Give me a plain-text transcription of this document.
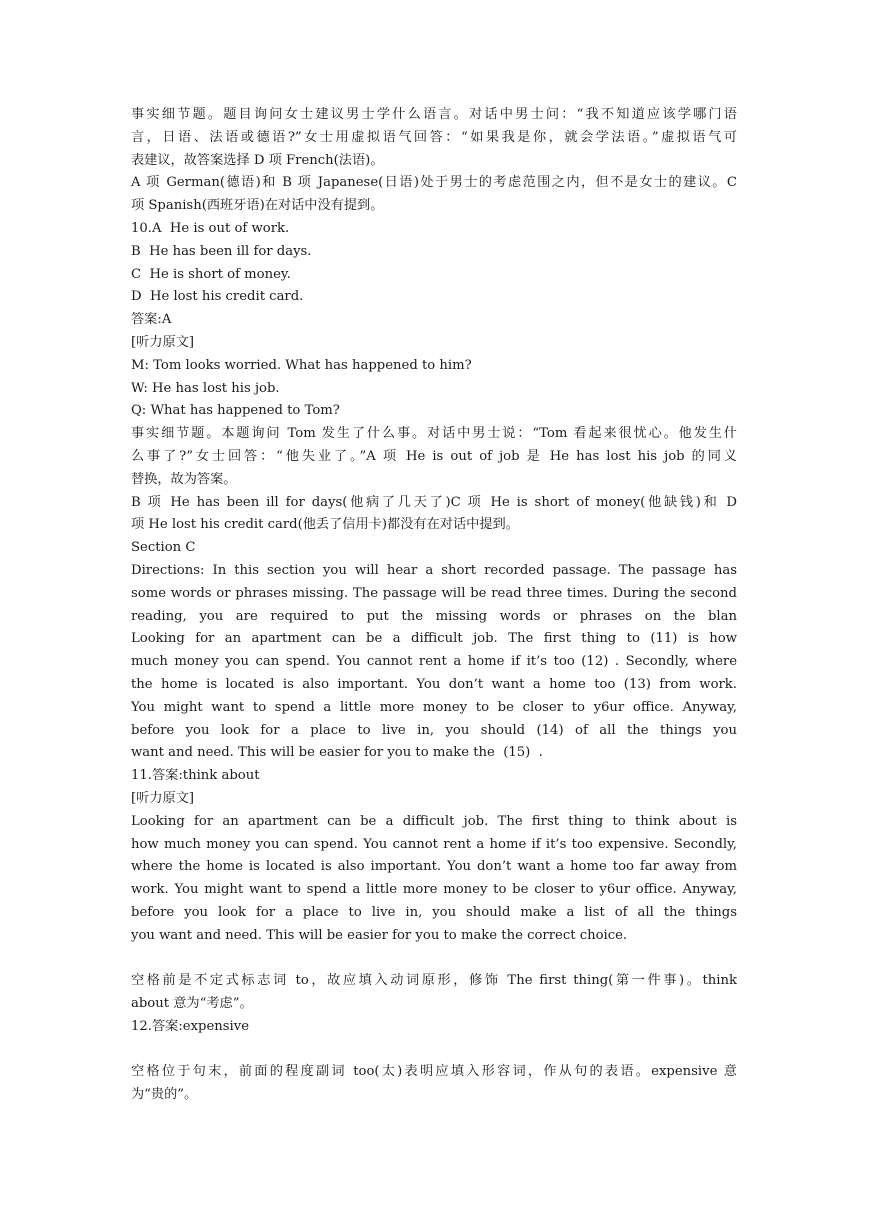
事实细节题。题目询问女士建议男士学什么语言。对话中男士问：“我不知道应该学哪门语
言，日语、法语或德语?”女士用虚拟语气回答：“如果我是你，就会学法语。”虚拟语气可
表建议，故答案选择 D 项 French(法语)。
A 项 German(德语)和 B 项 Japanese(日语)处于男士的考虑范围之内，但不是女士的建议。C
项 Spanish(西班牙语)在对话中没有提到。
10.A  He is out of work.
B  He has been ill for days.
C  He is short of money.
D  He lost his credit card.
答案:A
[听力原文]
M: Tom looks worried. What has happened to him?
W: He has lost his job.
Q: What has happened to Tom?
事实细节题。本题询问 Tom 发生了什么事。对话中男士说：“Tom 看起来很忧心。他发生什
么事了?”女士回答：“他失业了。”A 项 He is out of job 是 He has lost his job 的同义
替换，故为答案。
B 项 He has been ill for days(他病了几天了)C 项 He is short of money(他缺钱)和 D
项 He lost his credit card(他丢了信用卡)都没有在对话中提到。
Section C
Directions: In this section you will hear a short recorded passage. The passage has
some words or phrases missing. The passage will be read three times. During the second
reading, you are required to put the missing words or phrases on the blan
Looking for an apartment can be a difficult job. The first thing to (11) is how
much money you can spend. You cannot rent a home if it’s too (12) . Secondly, where
the home is located is also important. You don’t want a home too (13) from work.
You might want to spend a little more money to be closer to y6ur office. Anyway,
before you look for a place to live in, you should (14) of all the things you
want and need. This will be easier for you to make the  (15)  .
11.答案:think about
[听力原文]
Looking for an apartment can be a difficult job. The first thing to think about is
how much money you can spend. You cannot rent a home if it’s too expensive. Secondly,
where the home is located is also important. You don’t want a home too far away from
work. You might want to spend a little more money to be closer to y6ur office. Anyway,
before you look for a place to live in, you should make a list of all the things
you want and need. This will be easier for you to make the correct choice.
空格前是不定式标志词 to，故应填入动词原形，修饰 The first thing(第一件事)。think
about 意为“考虑”。
12.答案:expensive
空格位于句末，前面的程度副词 too(太)表明应填入形容词，作从句的表语。expensive 意
为“贵的”。
